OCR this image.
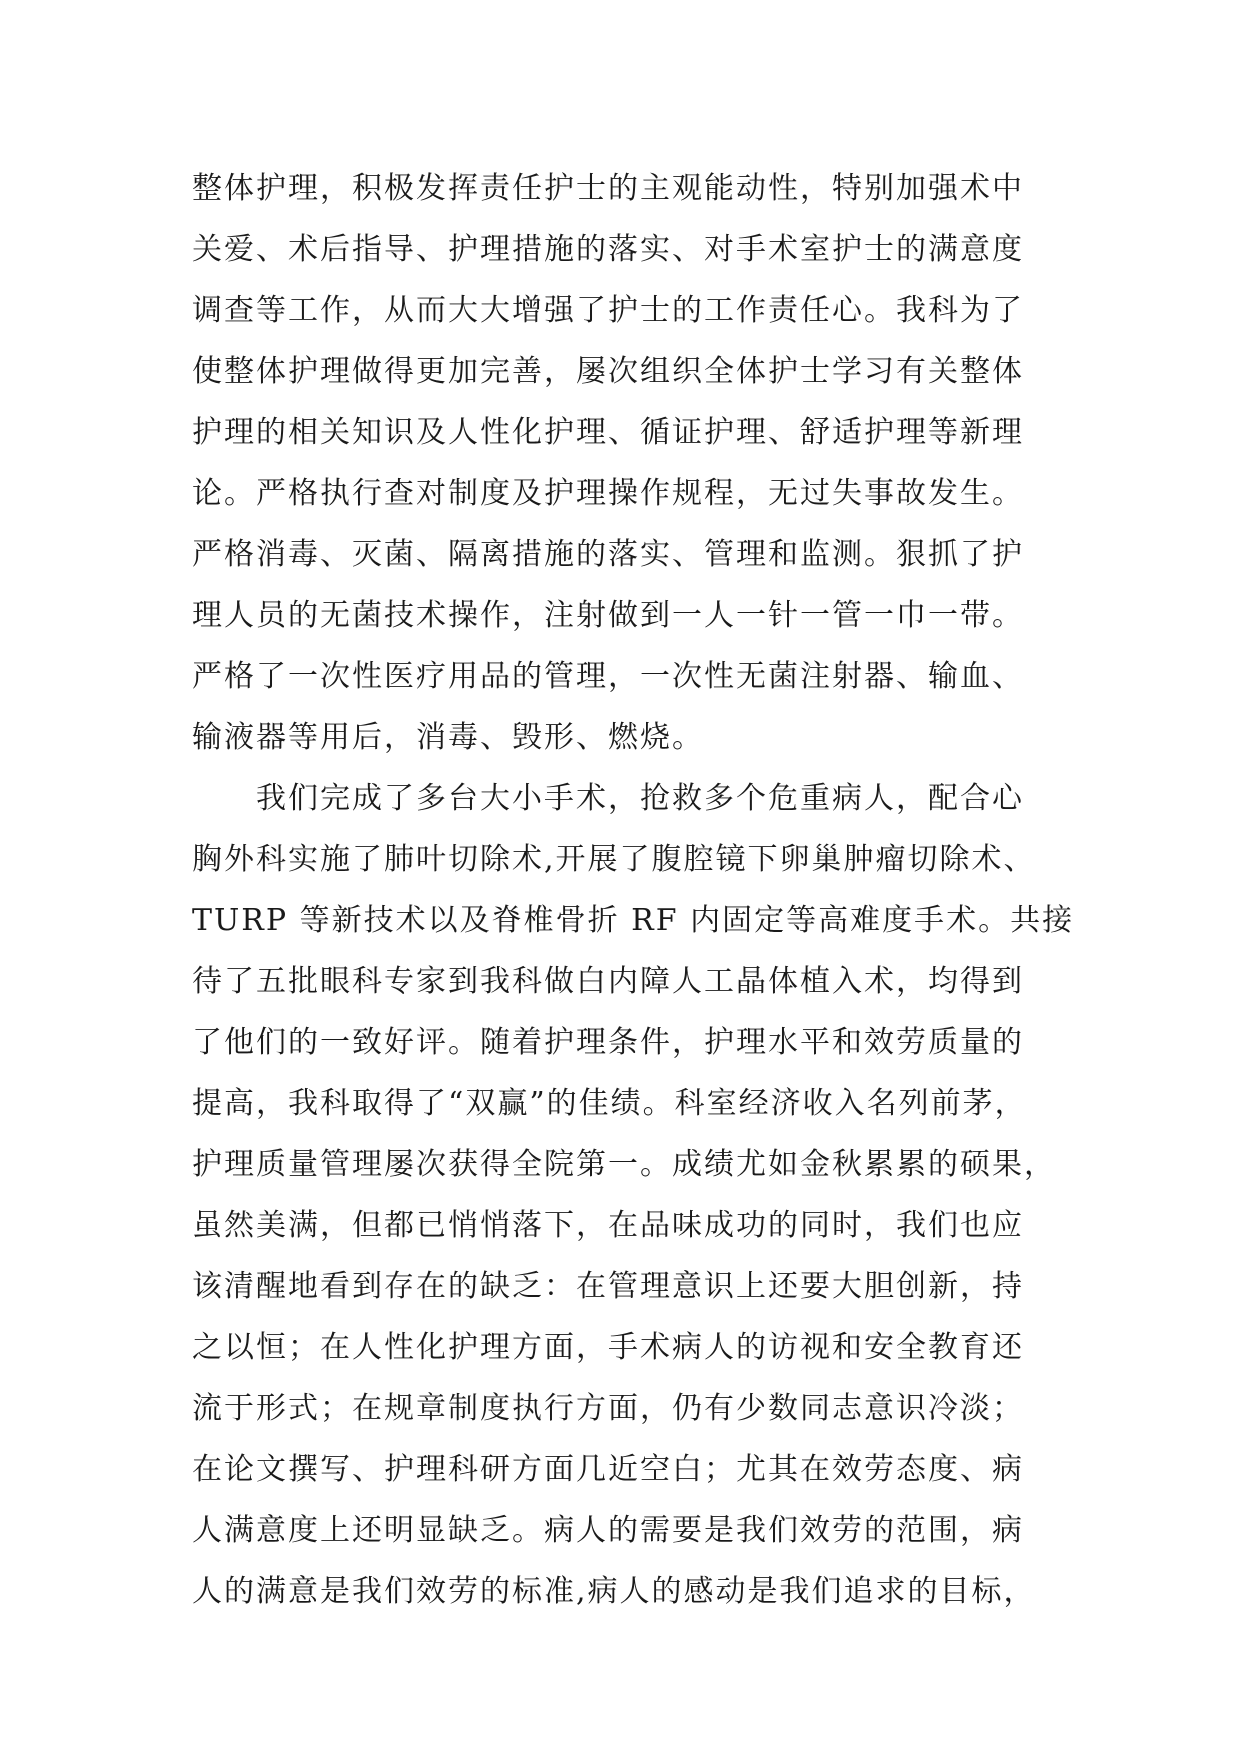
整体护理，积极发挥责任护士的主观能动性，特别加强术中
关爱、术后指导、护理措施的落实、对手术室护士的满意度
调查等工作，从而大大增强了护士的工作责任心。我科为了
使整体护理做得更加完善，屡次组织全体护士学习有关整体
护理的相关知识及人性化护理、循证护理、舒适护理等新理
论。严格执行查对制度及护理操作规程，无过失事故发生。
严格消毒、灭菌、隔离措施的落实、管理和监测。狠抓了护
理人员的无菌技术操作，注射做到一人一针一管一巾一带。
严格了一次性医疗用品的管理，一次性无菌注射器、输血、
输液器等用后，消毒、毁形、燃烧。
我们完成了多台大小手术，抢救多个危重病人，配合心
胸外科实施了肺叶切除术,开展了腹腔镜下卵巢肿瘤切除术、
TURP 等新技术以及脊椎骨折 RF 内固定等高难度手术。共接
待了五批眼科专家到我科做白内障人工晶体植入术，均得到
了他们的一致好评。随着护理条件，护理水平和效劳质量的
提高，我科取得了“双赢”的佳绩。科室经济收入名列前茅，
护理质量管理屡次获得全院第一。成绩尤如金秋累累的硕果，
虽然美满，但都已悄悄落下，在品味成功的同时，我们也应
该清醒地看到存在的缺乏：在管理意识上还要大胆创新，持
之以恒；在人性化护理方面，手术病人的访视和安全教育还
流于形式；在规章制度执行方面，仍有少数同志意识冷淡；
在论文撰写、护理科研方面几近空白；尤其在效劳态度、病
人满意度上还明显缺乏。病人的需要是我们效劳的范围，病
人的满意是我们效劳的标准,病人的感动是我们追求的目标，
